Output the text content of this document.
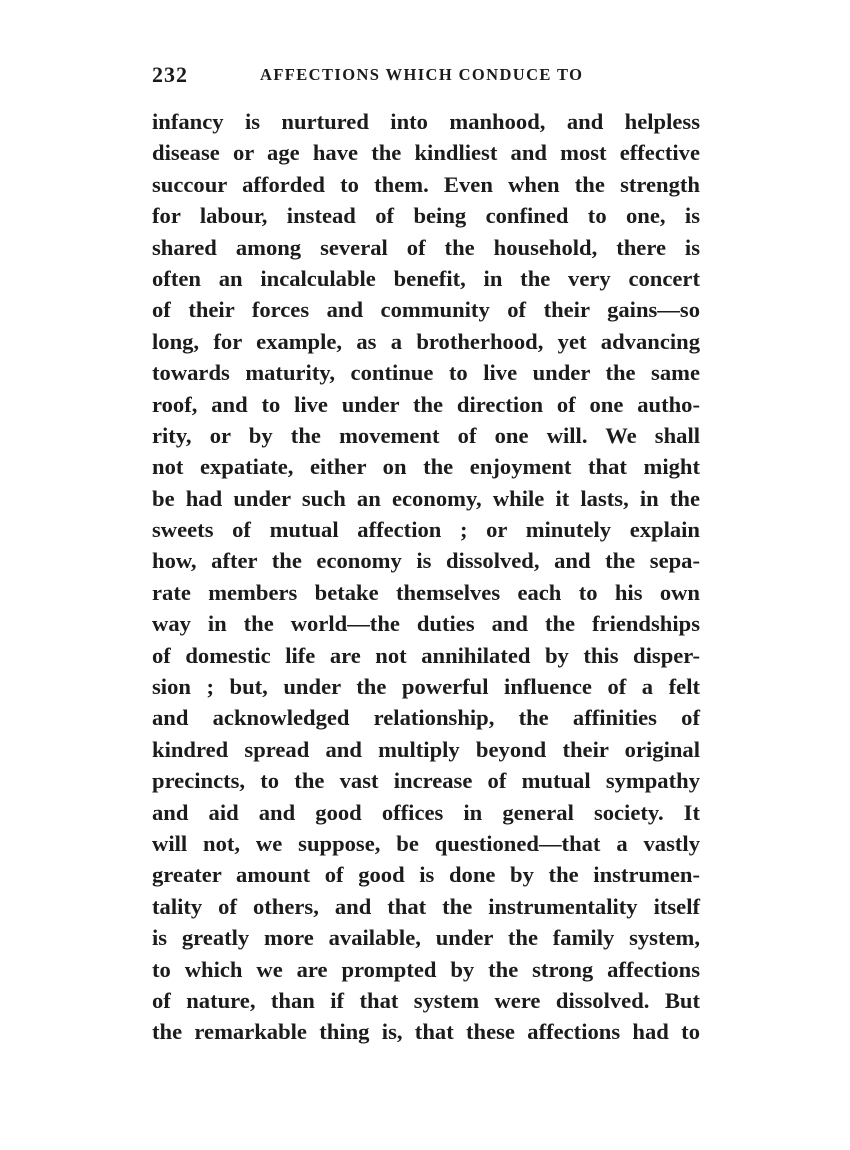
232	AFFECTIONS WHICH CONDUCE TO
infancy is nurtured into manhood, and helpless
disease or age have the kindliest and most effective
succour afforded to them. Even when the strength
for labour, instead of being confined to one, is
shared among several of the household, there is
often an incalculable benefit, in the very concert
of their forces and community of their gains—so
long, for example, as a brotherhood, yet advancing
towards maturity, continue to live under the same
roof, and to live under the direction of one autho-
rity, or by the movement of one will. We shall
not expatiate, either on the enjoyment that might
be had under such an economy, while it lasts, in the
sweets of mutual affection ; or minutely explain
how, after the economy is dissolved, and the sepa-
rate members betake themselves each to his own
way in the world—the duties and the friendships
of domestic life are not annihilated by this disper-
sion ; but, under the powerful influence of a felt
and acknowledged relationship, the affinities of
kindred spread and multiply beyond their original
precincts, to the vast increase of mutual sympathy
and aid and good offices in general society. It
will not, we suppose, be questioned—that a vastly
greater amount of good is done by the instrumen-
tality of others, and that the instrumentality itself
is greatly more available, under the family system,
to which we are prompted by the strong affections
of nature, than if that system were dissolved. But
the remarkable thing is, that these affections had to
